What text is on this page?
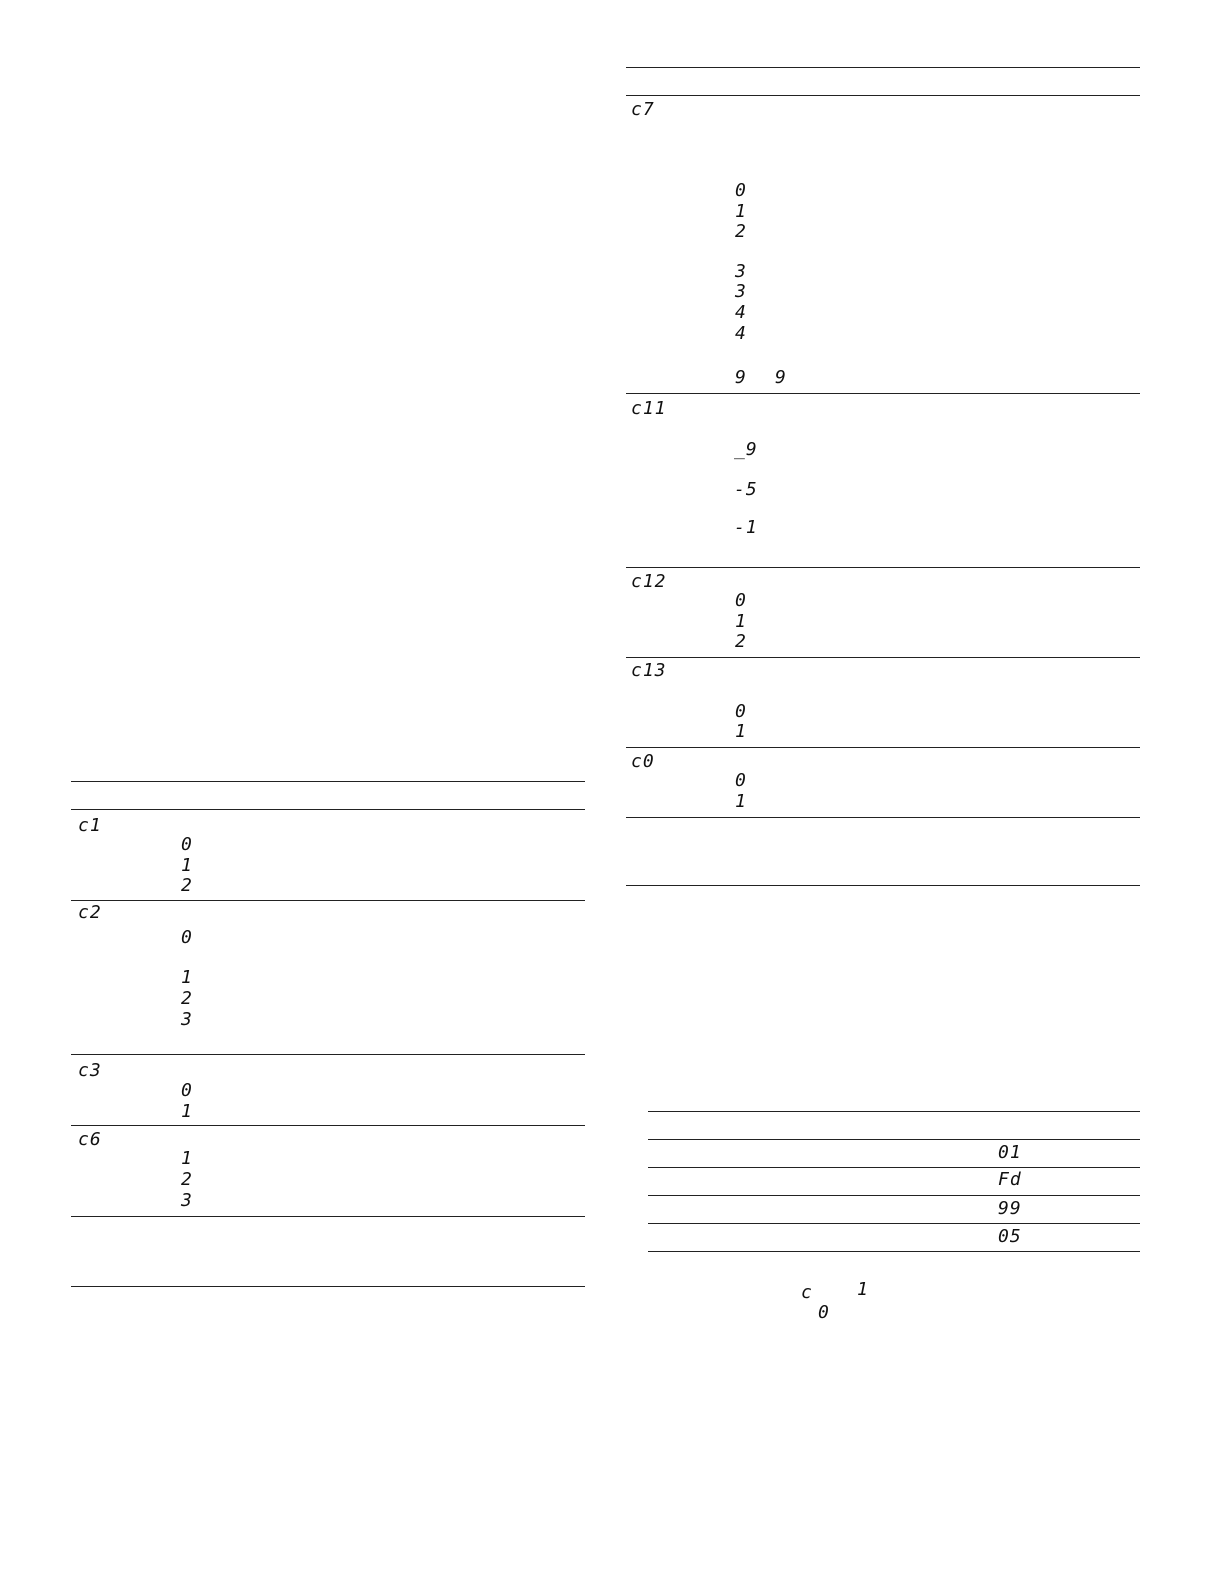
c1
0
1
2
c2
0
1
2
3
c3
0
1
c6
1
2
3
c7
0
1
2
3
3
4
4
9 9
c11
_9
-5
-1
c12
0
1
2
c13
0
1
c0
0
1
01
Fd
99
05
c 1
0
